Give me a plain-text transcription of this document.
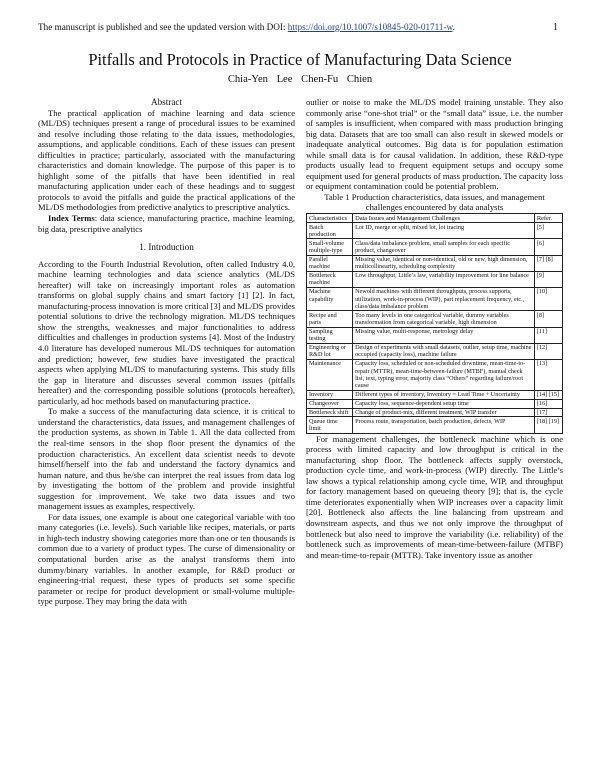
The manuscript is published and see the updated version with DOI: https://doi.org/10.1007/s10845-020-01711-w.	1
Pitfalls and Protocols in Practice of Manufacturing Data Science
Chia-Yen Lee Chen-Fu Chien

Abstract

The practical application of machine learning and data science (ML/DS) techniques present a range of procedural issues to be examined and resolve including those relating to the data issues, methodologies, assumptions, and applicable conditions. Each of these issues can present difficulties in practice; particularly, associated with the manufacturing characteristics and domain knowledge. The purpose of this paper is to highlight some of the pitfalls that have been identified in real manufacturing application under each of these headings and to suggest protocols to avoid the pitfalls and guide the practical applications of the ML/DS methodologies from predictive analytics to prescriptive analytics.

Index Terms: data science, manufacturing practice, machine learning, big data, prescriptive analytics

1. Introduction

According to the Fourth Industrial Revolution, often called Industry 4.0, machine learning technologies and data science analytics (ML/DS hereafter) will take on increasingly important roles as automation transforms on global supply chains and smart factory [1] [2]. In fact, manufacturing-process innovation is more critical [3] and ML/DS provides potential solutions to drive the technology migration. ML/DS techniques show the strengths, weaknesses and major functionalities to address difficulties and challenges in production systems [4]. Most of the Industry 4.0 literature has developed numerous ML/DS techniques for automation and prediction; however, few studies have investigated the practical aspects when applying ML/DS to manufacturing systems. This study fills the gap in literature and discusses several common issues (pitfalls hereafter) and the corresponding possible solutions (protocols hereafter), particularly, ad hoc methods based on manufacturing practice.

To make a success of the manufacturing data science, it is critical to understand the characteristics, data issues, and management challenges of the production systems, as shown in Table 1. All the data collected from the real-time sensors in the shop floor present the dynamics of the production characteristics. An excellent data scientist needs to devote himself/herself into the fab and understand the factory dynamics and human nature, and thus he/she can interpret the real issues from data log by investigating the bottom of the problem and provide insightful suggestion for improvement. We take two data issues and two management issues as examples, respectively.

For data issues, one example is about one categorical variable with too many categories (i.e. levels). Such variable like recipes, materials, or parts in high-tech industry showing categories more than one or ten thousands is common due to a variety of product types. The curse of dimensionality or computational burden arise as the analyst transforms them into dummy/binary variables. In another example, for R&D product or engineering-trial request, these types of products set some specific parameter or recipe for product development or small-volume multiple-type purpose. They may bring the data with

outlier or noise to make the ML/DS model training unstable. They also commonly arise “one-shot trial” or the “small data” issue, i.e. the number of samples is insufficient, when compared with mass production bringing big data. Datasets that are too small can also result in skewed models or inadequate analytical outcomes. Big data is for population estimation while small data is for causal validation. In addition, these R&D-type products usually lead to frequent equipment setups and occupy some equipment used for general products of mass production. The capacity loss or equipment contamination could be potential problem.

Table 1 Production characteristics, data issues, and management challenges encountered by data analysts

Characteristics	Data Issues and Management Challenges	Refer.
Batch production	Lot ID, merge or split, mixed lot, lot tracing	[5]
Small-volume multiple-type	Class/data imbalance problem, small samples for each specific product, changeover	[6]
Parallel machine	Missing value, identical or non-identical, old or new, high dimension, multicollinearity, scheduling complexity	[7] [8]
Bottleneck machine	Low throughput, Little’s law, variability improvement for line balance	[9]
Machine capability	Newold machines with different throughputs, process supports, utilization, work-in-process (WIP), part replacement frequency, etc., class/data imbalance problem	[10]
Recipe and parts	Too many levels in one categorical variable, dummy variables transformation from categorical variable, high dimension	[8]
Sampling testing	Missing value, multi-response, metrology delay	[11]
Engineering or R&D lot	Design of experiments with small datasets, outlier, setup time, machine occupied (capacity loss), machine failure	[12]
Maintenance	Capacity loss, scheduled or non-scheduled downtime, mean-time-to-repair (MTTR), mean-time-between-failure (MTBF), manual check list, text, typing error, majority class “Others” regarding failure/root cause	[13]
Inventory	Different types of inventory, Inventory = Lead Time + Uncertainty	[14] [15]
Changeover	Capacity loss, sequence-dependent setup time	[16]
Bottleneck shift	Change of product-mix, different treatment, WIP transfer	[17]
Queue time limit	Process route, transportation, batch production, defects, WIP	[18] [19]

For management challenges, the bottleneck machine which is one process with limited capacity and low throughput is critical in the manufacturing shop floor. The bottleneck affects supply overstock, production cycle time, and work-in-process (WIP) directly. The Little’s law shows a typical relationship among cycle time, WIP, and throughput for factory management based on queueing theory [9]; that is, the cycle time deteriorates exponentially when WIP increases over a capacity limit [20]. Bottleneck also affects the line balancing from upstream and downstream aspects, and thus we not only improve the throughput of bottleneck but also need to improve the variability (i.e. reliability) of the bottleneck such as improvements of mean-time-between-failure (MTBF) and mean-time-to-repair (MTTR). Take inventory issue as another
